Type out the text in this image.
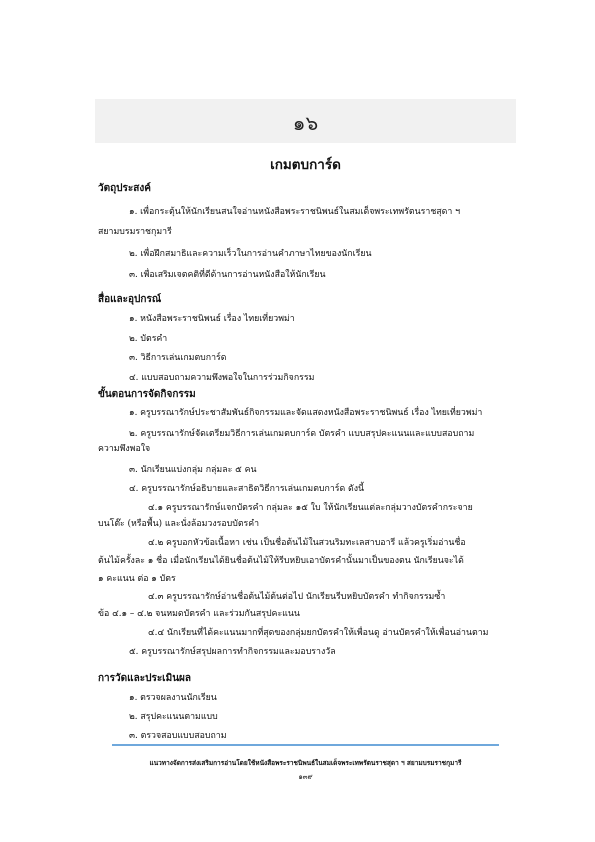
๑๖
เกมตบการ์ด
วัตถุประสงค์
๑. เพื่อกระตุ้นให้นักเรียนสนใจอ่านหนังสือพระราชนิพนธ์ในสมเด็จพระเทพรัตนราชสุดา ฯ
สยามบรมราชกุมารี
๒. เพื่อฝึกสมาธิและความเร็วในการอ่านคำภาษาไทยของนักเรียน
๓. เพื่อเสริมเจตคติที่ดีด้านการอ่านหนังสือให้นักเรียน
สื่อและอุปกรณ์
๑. หนังสือพระราชนิพนธ์ เรื่อง ไทยเที่ยวพม่า
๒. บัตรคำ
๓. วิธีการเล่นเกมตบการ์ด
๔. แบบสอบถามความพึงพอใจในการร่วมกิจกรรม
ขั้นตอนการจัดกิจกรรม
๑. ครูบรรณารักษ์ประชาสัมพันธ์กิจกรรมและจัดแสดงหนังสือพระราชนิพนธ์ เรื่อง ไทยเที่ยวพม่า
๒. ครูบรรณารักษ์จัดเตรียมวิธีการเล่นเกมตบการ์ด บัตรคำ แบบสรุปคะแนนและแบบสอบถาม
ความพึงพอใจ
๓. นักเรียนแบ่งกลุ่ม กลุ่มละ ๕ คน
๔. ครูบรรณารักษ์อธิบายและสาธิตวิธีการเล่นเกมตบการ์ด ดังนี้
๔.๑ ครูบรรณารักษ์แจกบัตรคำ กลุ่มละ ๑๕ ใบ ให้นักเรียนแต่ละกลุ่มวางบัตรคำกระจาย
บนโต๊ะ (หรือพื้น) และนั่งล้อมวงรอบบัตรคำ
๔.๒ ครูบอกหัวข้อเนื้อหา เช่น เป็นชื่อต้นไม้ในสวนริมทะเลสาบอารี แล้วครูเริ่มอ่านชื่อ
ต้นไม้ครั้งละ ๑ ชื่อ เมื่อนักเรียนได้ยินชื่อต้นไม้ให้รีบหยิบเอาบัตรคำนั้นมาเป็นของตน นักเรียนจะได้
๑ คะแนน ต่อ ๑ บัตร
๔.๓ ครูบรรณารักษ์อ่านชื่อต้นไม้ต้นต่อไป นักเรียนรีบหยิบบัตรคำ ทำกิจกรรมซ้ำ
ข้อ ๔.๑ – ๔.๒ จนหมดบัตรคำ และร่วมกันสรุปคะแนน
๔.๔ นักเรียนที่ได้คะแนนมากที่สุดของกลุ่มยกบัตรคำให้เพื่อนดู อ่านบัตรคำให้เพื่อนอ่านตาม
๕. ครูบรรณารักษ์สรุปผลการทำกิจกรรมและมอบรางวัล
การวัดและประเมินผล
๑. ตรวจผลงานนักเรียน
๒. สรุปคะแนนตามแบบ
๓. ตรวจสอบแบบสอบถาม
แนวทางจัดการส่งเสริมการอ่านโดยใช้หนังสือพระราชนิพนธ์ในสมเด็จพระเทพรัตนราชสุดา ฯ สยามบรมราชกุมารี
๑๓๙
